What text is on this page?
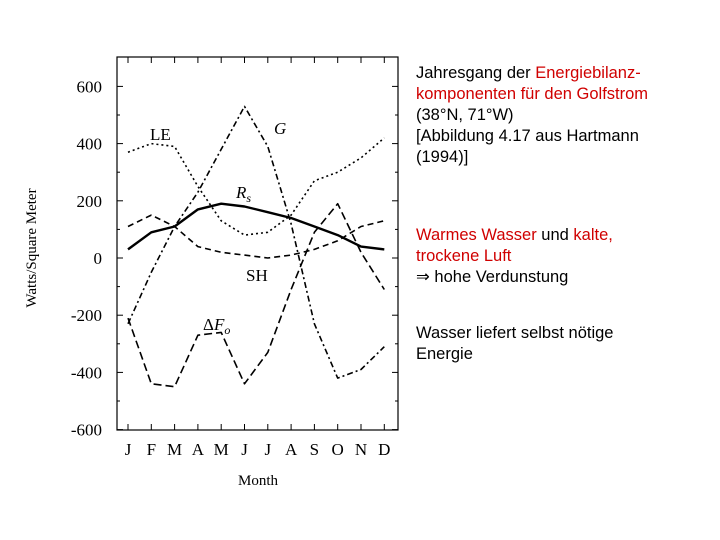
600
400
200
0
-200
-400
-600
J F M A M J J A S O N D
LE	G
$R_s$
SH
$\Delta F_o$
Watts/Square Meter
Month
Jahresgang der Energiebilanz-
komponenten für den Golfstrom
(38°N, 71°W)
[Abbildung 4.17 aus Hartmann
(1994)]
Warmes Wasser und kalte,
trockene Luft
⇒ hohe Verdunstung
Wasser liefert selbst nötige
Energie
